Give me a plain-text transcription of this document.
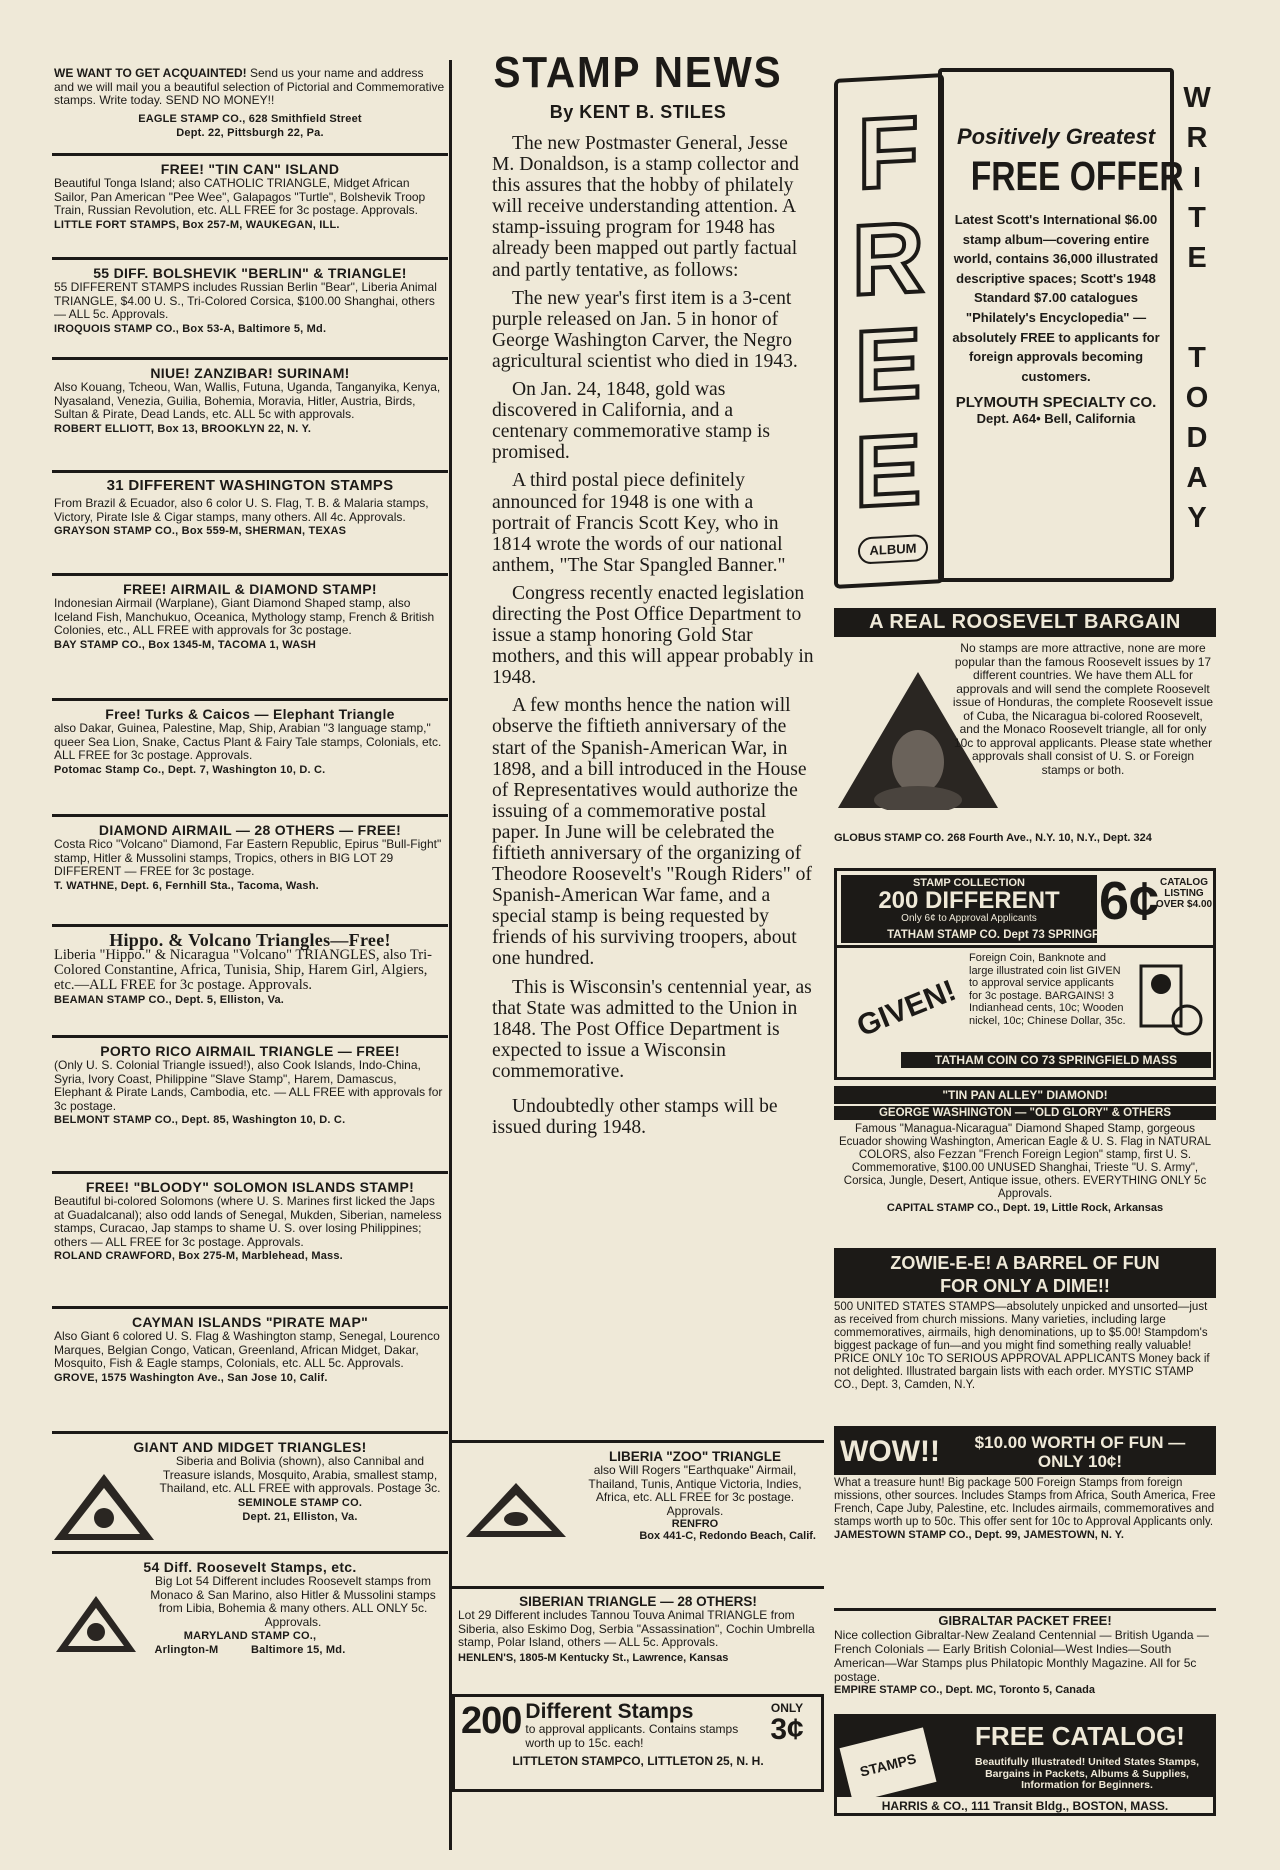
WE WANT TO GET ACQUAINTED! Send us your name and address and we will mail you a beautiful selection of Pictorial and Commemorative stamps. Write today. SEND NO MONEY!!
EAGLE STAMP CO., 628 Smithfield Street
Dept. 22, Pittsburgh 22, Pa.
FREE! "TIN CAN" ISLAND
Beautiful Tonga Island; also CATHOLIC TRIANGLE, Midget African Sailor, Pan American "Pee Wee", Galapagos "Turtle", Bolshevik Troop Train, Russian Revolution, etc. ALL FREE for 3c postage. Approvals.
LITTLE FORT STAMPS, Box 257-M, WAUKEGAN, ILL.
55 DIFF. BOLSHEVIK "BERLIN" & TRIANGLE!
55 DIFFERENT STAMPS includes Russian Berlin "Bear", Liberia Animal TRIANGLE, $4.00 U. S., Tri-Colored Corsica, $100.00 Shanghai, others — ALL 5c. Approvals.
IROQUOIS STAMP CO., Box 53-A, Baltimore 5, Md.
NIUE! ZANZIBAR! SURINAM!
Also Kouang, Tcheou, Wan, Wallis, Futuna, Uganda, Tanganyika, Kenya, Nyasaland, Venezia, Guilia, Bohemia, Moravia, Hitler, Austria, Birds, Sultan & Pirate, Dead Lands, etc. ALL 5c with approvals.
ROBERT ELLIOTT, Box 13, BROOKLYN 22, N. Y.
31 DIFFERENT WASHINGTON STAMPS
From Brazil & Ecuador, also 6 color U. S. Flag, T. B. & Malaria stamps, Victory, Pirate Isle & Cigar stamps, many others. All 4c. Approvals.
GRAYSON STAMP CO., Box 559-M, SHERMAN, TEXAS
FREE! AIRMAIL & DIAMOND STAMP!
Indonesian Airmail (Warplane), Giant Diamond Shaped stamp, also Iceland Fish, Manchukuo, Oceanica, Mythology stamp, French & British Colonies, etc., ALL FREE with approvals for 3c postage.
BAY STAMP CO., Box 1345-M, TACOMA 1, WASH
Free! Turks & Caicos — Elephant Triangle
also Dakar, Guinea, Palestine, Map, Ship, Arabian "3 language stamp," queer Sea Lion, Snake, Cactus Plant & Fairy Tale stamps, Colonials, etc. ALL FREE for 3c postage. Approvals.
Potomac Stamp Co., Dept. 7, Washington 10, D. C.
DIAMOND AIRMAIL — 28 OTHERS — FREE!
Costa Rico "Volcano" Diamond, Far Eastern Republic, Epirus "Bull-Fight" stamp, Hitler & Mussolini stamps, Tropics, others in BIG LOT 29 DIFFERENT — FREE for 3c postage.
T. WATHNE, Dept. 6, Fernhill Sta., Tacoma, Wash.
Hippo. & Volcano Triangles—Free!
Liberia "Hippo." & Nicaragua "Volcano" TRIANGLES, also Tri-Colored Constantine, Africa, Tunisia, Ship, Harem Girl, Algiers, etc.—ALL FREE for 3c postage. Approvals.
BEAMAN STAMP CO., Dept. 5, Elliston, Va.
PORTO RICO AIRMAIL TRIANGLE — FREE!
(Only U. S. Colonial Triangle issued!), also Cook Islands, Indo-China, Syria, Ivory Coast, Philippine "Slave Stamp", Harem, Damascus, Elephant & Pirate Lands, Cambodia, etc. — ALL FREE with approvals for 3c postage.
BELMONT STAMP CO., Dept. 85, Washington 10, D. C.
FREE! "BLOODY" SOLOMON ISLANDS STAMP!
Beautiful bi-colored Solomons (where U. S. Marines first licked the Japs at Guadalcanal); also odd lands of Senegal, Mukden, Siberian, nameless stamps, Curacao, Jap stamps to shame U. S. over losing Philippines; others — ALL FREE for 3c postage. Approvals.
ROLAND CRAWFORD, Box 275-M, Marblehead, Mass.
CAYMAN ISLANDS "PIRATE MAP"
Also Giant 6 colored U. S. Flag & Washington stamp, Senegal, Lourenco Marques, Belgian Congo, Vatican, Greenland, African Midget, Dakar, Mosquito, Fish & Eagle stamps, Colonials, etc. ALL 5c. Approvals.
GROVE, 1575 Washington Ave., San Jose 10, Calif.
GIANT AND MIDGET TRIANGLES!
Siberia and Bolivia (shown), also Cannibal and Treasure islands, Mosquito, Arabia, smallest stamp, Thailand, etc. ALL FREE with approvals. Postage 3c.
SEMINOLE STAMP CO.
Dept. 21, Elliston, Va.
54 Diff. Roosevelt Stamps, etc.
Big Lot 54 Different includes Roosevelt stamps from Monaco & San Marino, also Hitler & Mussolini stamps from Libia, Bohemia & many others. ALL ONLY 5c. Approvals.
MARYLAND STAMP CO.,
Arlington-M          Baltimore 15, Md.
STAMP NEWS
By KENT B. STILES

The new Postmaster General, Jesse M. Donaldson, is a stamp collector and this assures that the hobby of philately will receive understanding attention. A stamp-issuing program for 1948 has already been mapped out partly factual and partly tentative, as follows:

The new year's first item is a 3-cent purple released on Jan. 5 in honor of George Washington Carver, the Negro agricultural scientist who died in 1943.

On Jan. 24, 1848, gold was discovered in California, and a centenary commemorative stamp is promised.

A third postal piece definitely announced for 1948 is one with a portrait of Francis Scott Key, who in 1814 wrote the words of our national anthem, "The Star Spangled Banner."

Congress recently enacted legislation directing the Post Office Department to issue a stamp honoring Gold Star mothers, and this will appear probably in 1948.

A few months hence the nation will observe the fiftieth anniversary of the start of the Spanish-American War, in 1898, and a bill introduced in the House of Representatives would authorize the issuing of a commemorative postal paper. In June will be celebrated the fiftieth anniversary of the organizing of Theodore Roosevelt's "Rough Riders" of Spanish-American War fame, and a special stamp is being requested by friends of his surviving troopers, about one hundred.

This is Wisconsin's centennial year, as that State was admitted to the Union in 1848. The Post Office Department is expected to issue a Wisconsin commemorative.

Undoubtedly other stamps will be issued during 1948.

LIBERIA "ZOO" TRIANGLE
also Will Rogers "Earthquake" Airmail, Thailand, Tunis, Antique Victoria, Indies, Africa, etc. ALL FREE for 3c postage. Approvals.
RENFRO
Box 441-C, Redondo Beach, Calif.
SIBERIAN TRIANGLE — 28 OTHERS!
Lot 29 Different includes Tannou Touva Animal TRIANGLE from Siberia, also Eskimo Dog, Serbia "Assassination", Cochin Umbrella stamp, Polar Island, others — ALL 5c. Approvals.
HENLEN'S, 1805-M Kentucky St., Lawrence, Kansas
200 Different Stamps
to approval applicants. Contains stamps worth up to 15c. each!
ONLY
3¢
LITTLETON STAMPCO, LITTLETON 25, N. H.
F
R
E
E
ALBUM
Positively Greatest
FREE OFFER
Latest Scott's International $6.00 stamp album—covering entire world, contains 36,000 illustrated descriptive spaces; Scott's 1948 Standard $7.00 catalogues "Philately's Encyclopedia" —absolutely FREE to applicants for foreign approvals becoming customers.
PLYMOUTH SPECIALTY CO.
Dept. A64• Bell, California
W
R
I
T
E
T
O
D
A
Y
A REAL ROOSEVELT BARGAIN
No stamps are more attractive, none are more popular than the famous Roosevelt issues by 17 different countries. We have them ALL for approvals and will send the complete Roosevelt issue of Honduras, the complete Roosevelt issue of Cuba, the Nicaragua bi-colored Roosevelt, and the Monaco Roosevelt triangle, all for only 10c to approval applicants. Please state whether approvals shall consist of U. S. or Foreign stamps or both.
GLOBUS STAMP CO. 268 Fourth Ave., N.Y. 10, N.Y., Dept. 324
STAMP COLLECTION
200 DIFFERENT
Only 6¢ to Approval Applicants	6¢ CATALOG LISTING OVER $4.00
TATHAM STAMP CO. Dept 73 SPRINGFIELD, MASS
GIVEN!
Foreign Coin, Banknote and large illustrated coin list GIVEN to approval service applicants for 3c postage. BARGAINS! 3 Indianhead cents, 10c; Wooden nickel, 10c; Chinese Dollar, 35c.
TATHAM COIN CO 73 SPRINGFIELD MASS
"TIN PAN ALLEY" DIAMOND!
GEORGE WASHINGTON — "OLD GLORY" & OTHERS
Famous "Managua-Nicaragua" Diamond Shaped Stamp, gorgeous Ecuador showing Washington, American Eagle & U. S. Flag in NATURAL COLORS, also Fezzan "French Foreign Legion" stamp, first U. S. Commemorative, $100.00 UNUSED Shanghai, Trieste "U. S. Army", Corsica, Jungle, Desert, Antique issue, others. EVERYTHING ONLY 5c Approvals.
CAPITAL STAMP CO., Dept. 19, Little Rock, Arkansas
ZOWIE-E-E! A BARREL OF FUN
FOR ONLY A DIME!!
500 UNITED STATES STAMPS—absolutely unpicked and unsorted—just as received from church missions. Many varieties, including large commemoratives, airmails, high denominations, up to $5.00! Stampdom's biggest package of fun—and you might find something really valuable! PRICE ONLY 10c TO SERIOUS APPROVAL APPLICANTS Money back if not delighted. Illustrated bargain lists with each order. MYSTIC STAMP CO., Dept. 3, Camden, N.Y.
WOW!!	$10.00 WORTH OF FUN — ONLY 10¢!
What a treasure hunt! Big package 500 Foreign Stamps from foreign missions, other sources. Includes Stamps from Africa, South America, Free French, Cape Juby, Palestine, etc. Includes airmails, commemoratives and stamps worth up to 50c. This offer sent for 10c to Approval Applicants only.
JAMESTOWN STAMP CO., Dept. 99, JAMESTOWN, N. Y.
GIBRALTAR PACKET FREE!
Nice collection Gibraltar-New Zealand Centennial — British Uganda — French Colonials — Early British Colonial—West Indies—South American—War Stamps plus Philatopic Monthly Magazine. All for 5c postage.
EMPIRE STAMP CO., Dept. MC, Toronto 5, Canada
STAMPS
FREE CATALOG!
Beautifully Illustrated! United States Stamps, Bargains in Packets, Albums & Supplies, Information for Beginners.
HARRIS & CO., 111 Transit Bldg., BOSTON, MASS.
